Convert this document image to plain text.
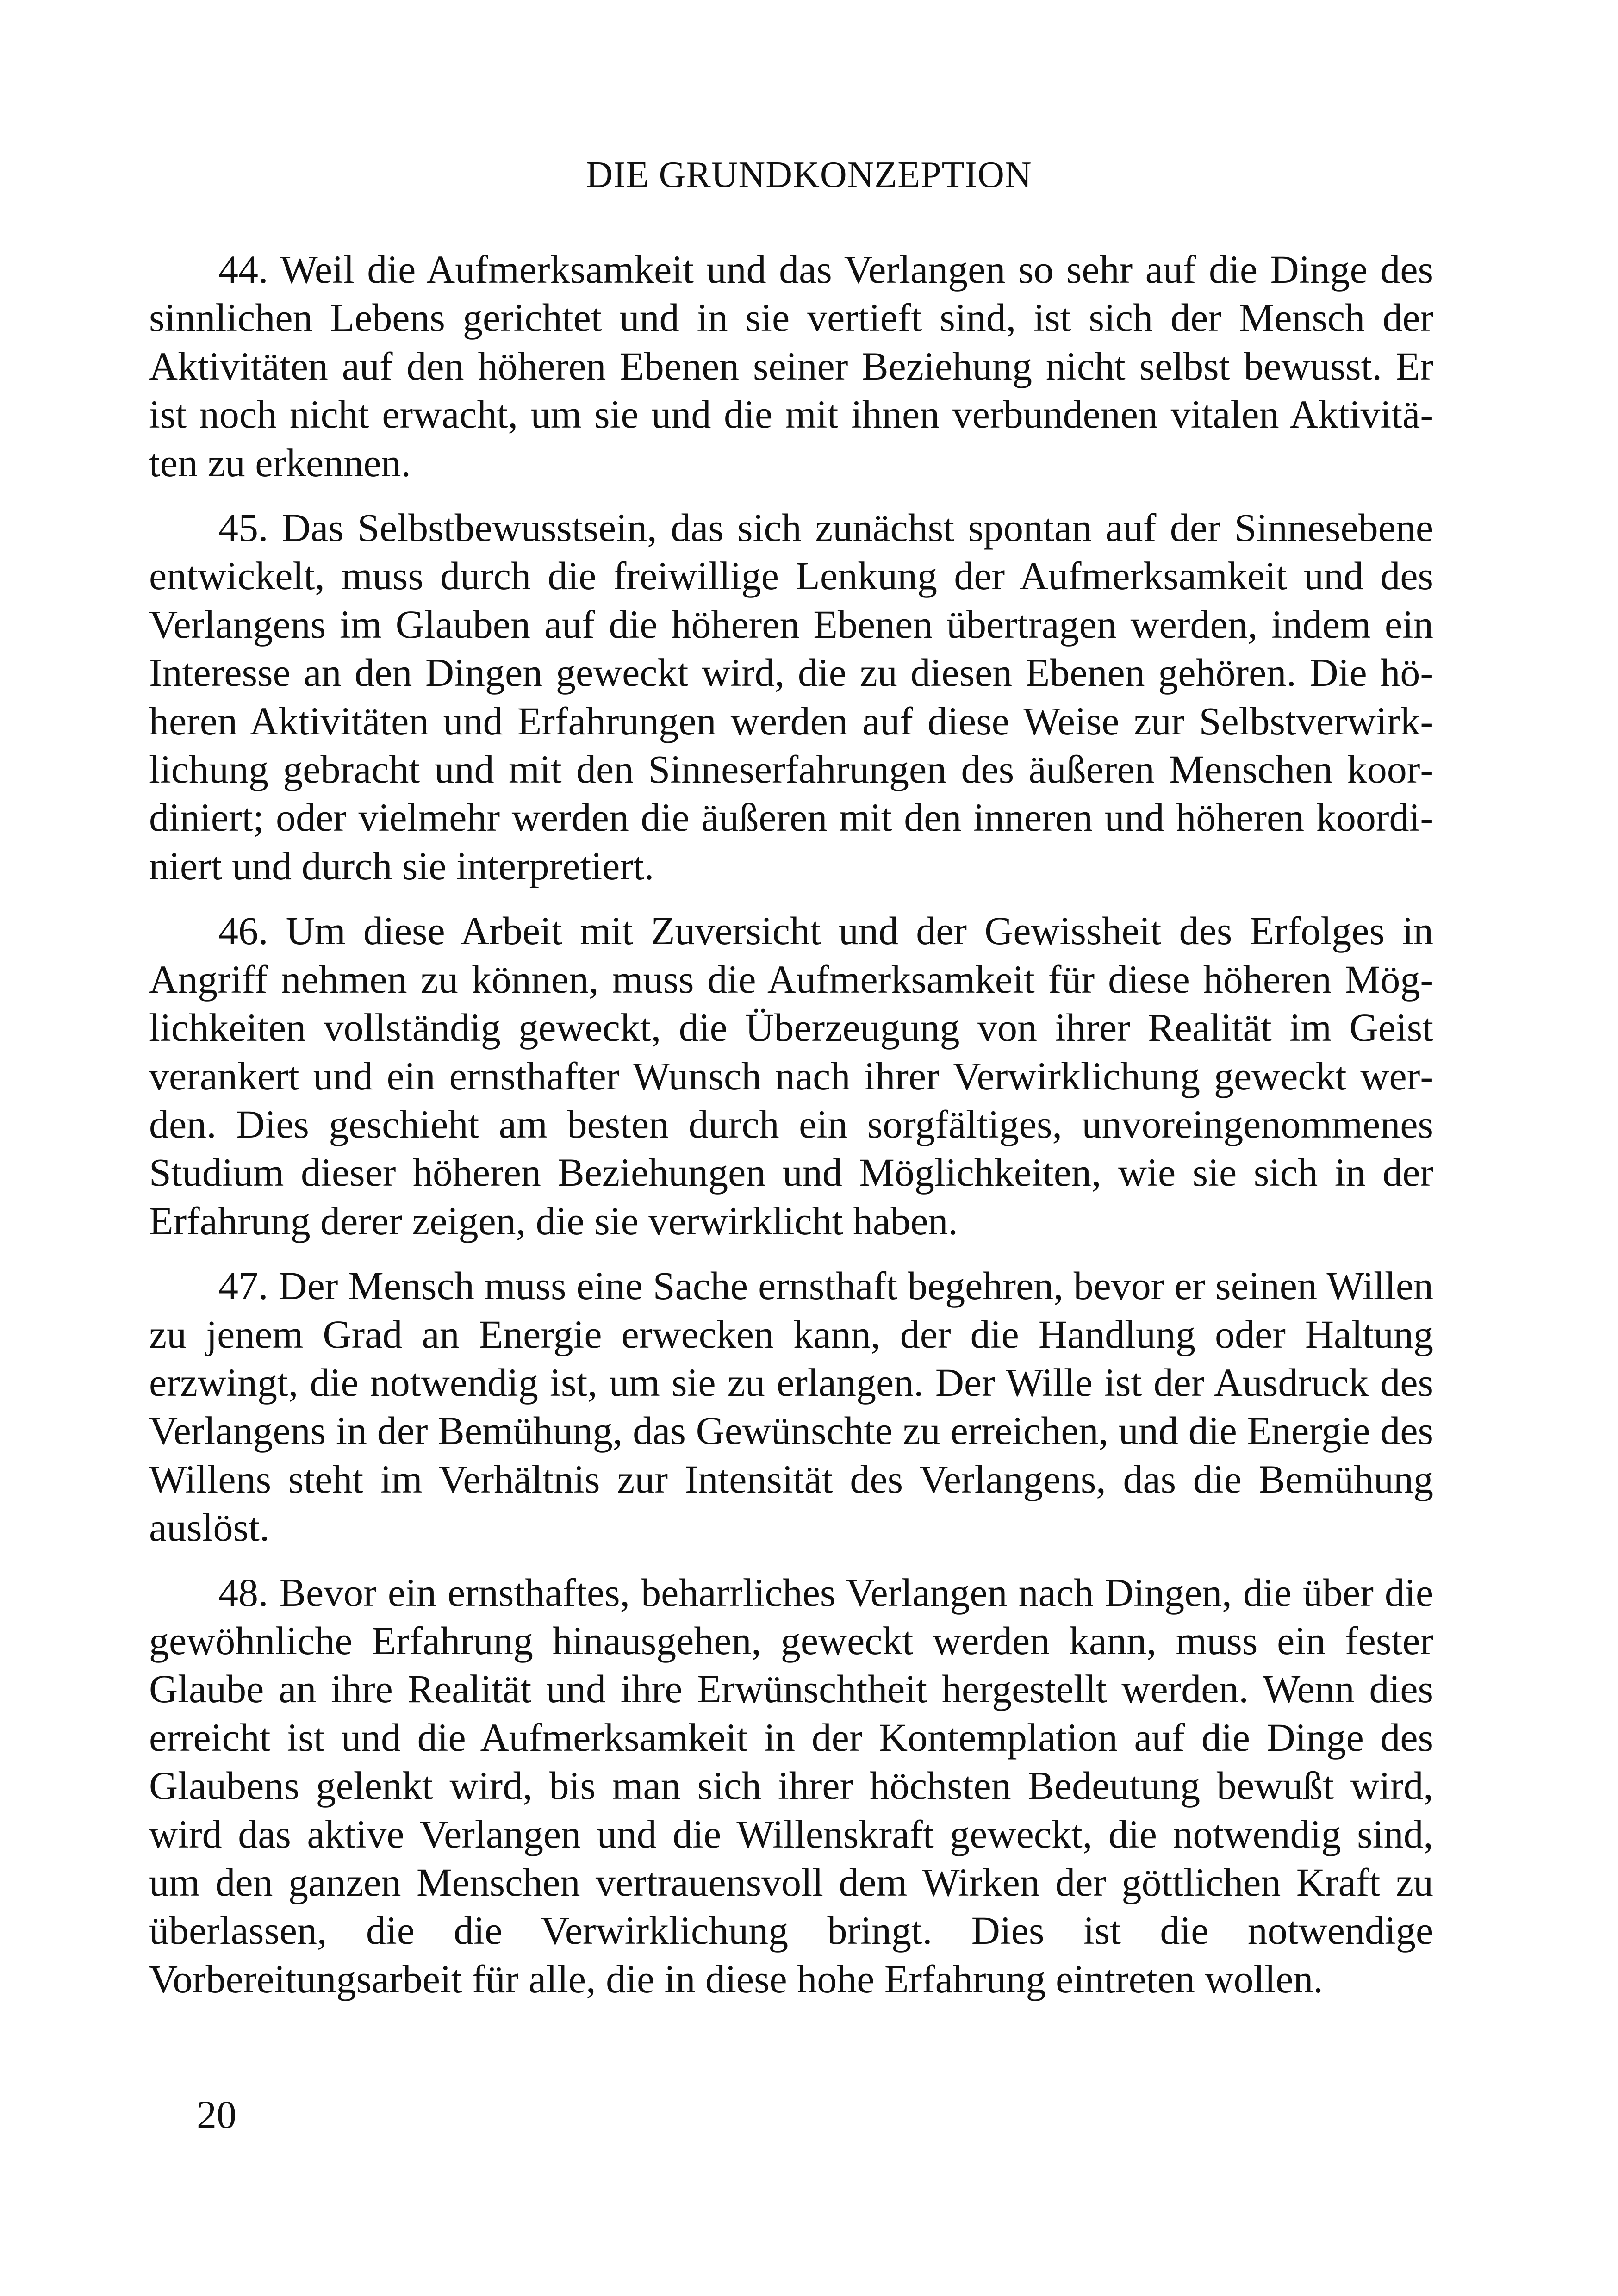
DIE GRUNDKONZEPTION

44. Weil die Aufmerksamkeit und das Verlangen so sehr auf die Dinge des sinnlichen Lebens gerichtet und in sie vertieft sind, ist sich der Mensch der Aktivitäten auf den höheren Ebenen seiner Beziehung nicht selbst bewusst. Er ist noch nicht erwacht, um sie und die mit ihnen verbundenen vitalen Aktivitäten zu erkennen.

45. Das Selbstbewusstsein, das sich zunächst spontan auf der Sinnesebene entwickelt, muss durch die freiwillige Lenkung der Aufmerksamkeit und des Verlangens im Glauben auf die höheren Ebenen übertragen werden, indem ein Interesse an den Dingen geweckt wird, die zu diesen Ebenen gehören. Die höheren Aktivitäten und Erfahrungen werden auf diese Weise zur Selbstverwirklichung gebracht und mit den Sinneserfahrungen des äußeren Menschen koordiniert; oder vielmehr werden die äußeren mit den inneren und höheren koordiniert und durch sie interpretiert.

46. Um diese Arbeit mit Zuversicht und der Gewissheit des Erfolges in Angriff nehmen zu können, muss die Aufmerksamkeit für diese höheren Möglichkeiten vollständig geweckt, die Überzeugung von ihrer Realität im Geist verankert und ein ernsthafter Wunsch nach ihrer Verwirklichung geweckt werden. Dies geschieht am besten durch ein sorgfältiges, unvoreingenommenes Studium dieser höheren Beziehungen und Möglichkeiten, wie sie sich in der Erfahrung derer zeigen, die sie verwirklicht haben.

47. Der Mensch muss eine Sache ernsthaft begehren, bevor er seinen Willen zu jenem Grad an Energie erwecken kann, der die Handlung oder Haltung erzwingt, die notwendig ist, um sie zu erlangen. Der Wille ist der Ausdruck des Verlangens in der Bemühung, das Gewünschte zu erreichen, und die Energie des Willens steht im Verhältnis zur Intensität des Verlangens, das die Bemühung auslöst.

48. Bevor ein ernsthaftes, beharrliches Verlangen nach Dingen, die über die gewöhnliche Erfahrung hinausgehen, geweckt werden kann, muss ein fester Glaube an ihre Realität und ihre Erwünschtheit hergestellt werden. Wenn dies erreicht ist und die Aufmerksamkeit in der Kontemplation auf die Dinge des Glaubens gelenkt wird, bis man sich ihrer höchsten Bedeutung bewußt wird, wird das aktive Verlangen und die Willenskraft geweckt, die notwendig sind, um den ganzen Menschen vertrauensvoll dem Wirken der göttlichen Kraft zu überlassen, die die Verwirklichung bringt. Dies ist die notwendige Vorbereitungsarbeit für alle, die in diese hohe Erfahrung eintreten wollen.

20
